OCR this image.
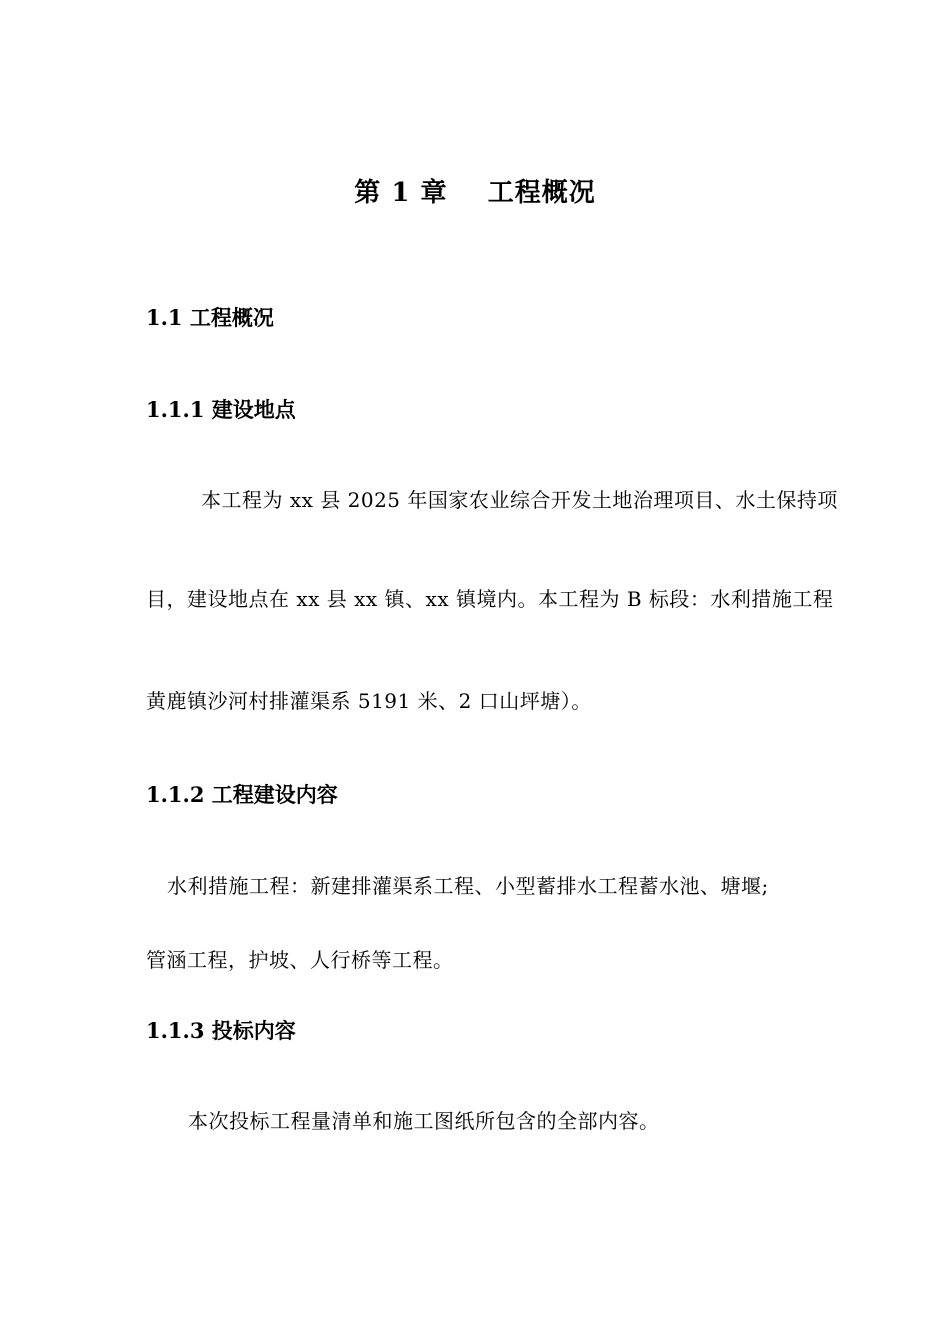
第 1 章    工程概况
1.1 工程概况
1.1.1 建设地点
本工程为 xx 县 2025 年国家农业综合开发土地治理项目、水土保持项
目，建设地点在 xx 县 xx 镇、xx 镇境内。本工程为 B 标段：水利措施工程
黄鹿镇沙河村排灌渠系 5191 米、2 口山坪塘）。
1.1.2 工程建设内容
水利措施工程：新建排灌渠系工程、小型蓄排水工程蓄水池、塘堰;
管涵工程，护坡、人行桥等工程。
1.1.3 投标内容
本次投标工程量清单和施工图纸所包含的全部内容。
